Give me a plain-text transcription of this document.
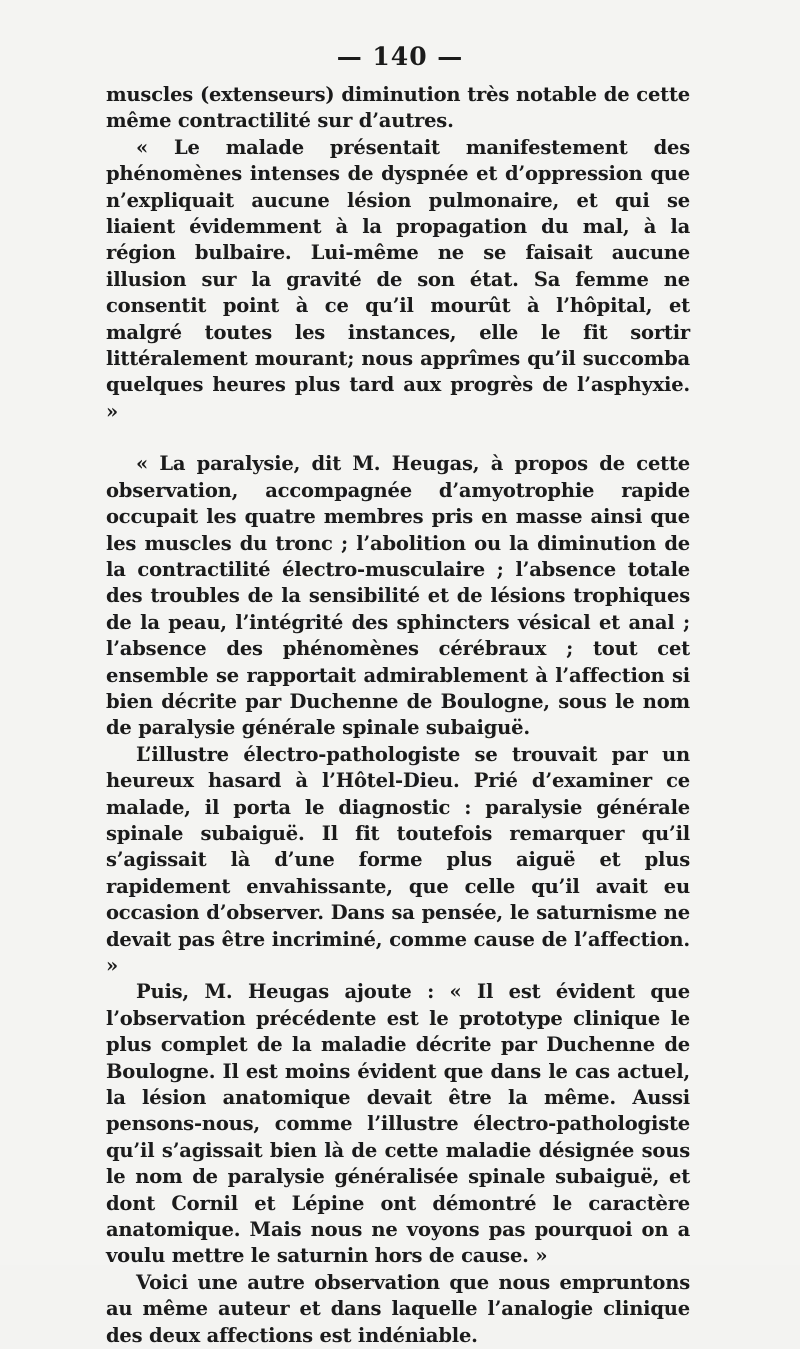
— 140 —

muscles (extenseurs) diminution très notable de cette même contractilité sur d’autres.

« Le malade présentait manifestement des phénomènes intenses de dyspnée et d’oppression que n’expliquait aucune lésion pulmonaire, et qui se liaient évidemment à la propagation du mal, à la région bulbaire. Lui-même ne se faisait aucune illusion sur la gravité de son état. Sa femme ne consentit point à ce qu’il mourût à l’hôpital, et malgré toutes les instances, elle le fit sortir littéralement mourant; nous apprîmes qu’il succomba quelques heures plus tard aux progrès de l’asphyxie. »

« La paralysie, dit M. Heugas, à propos de cette observation, accompagnée d’amyotrophie rapide occupait les quatre membres pris en masse ainsi que les muscles du tronc ; l’abolition ou la diminution de la contractilité électro-musculaire ; l’absence totale des troubles de la sensibilité et de lésions trophiques de la peau, l’intégrité des sphincters vésical et anal ; l’absence des phénomènes cérébraux ; tout cet ensemble se rapportait admirablement à l’affection si bien décrite par Duchenne de Boulogne, sous le nom de paralysie générale spinale subaiguë.

L’illustre électro-pathologiste se trouvait par un heureux hasard à l’Hôtel-Dieu. Prié d’examiner ce malade, il porta le diagnostic : paralysie générale spinale subaiguë. Il fit toutefois remarquer qu’il s’agissait là d’une forme plus aiguë et plus rapidement envahissante, que celle qu’il avait eu occasion d’observer. Dans sa pensée, le saturnisme ne devait pas être incriminé, comme cause de l’affection. »

Puis, M. Heugas ajoute : « Il est évident que l’observation précédente est le prototype clinique le plus complet de la maladie décrite par Duchenne de Boulogne. Il est moins évident que dans le cas actuel, la lésion anatomique devait être la même. Aussi pensons-nous, comme l’illustre électro-pathologiste qu’il s’agissait bien là de cette maladie désignée sous le nom de paralysie généralisée spinale subaiguë, et dont Cornil et Lépine ont démontré le caractère anatomique. Mais nous ne voyons pas pourquoi on a voulu mettre le saturnin hors de cause. »

Voici une autre observation que nous empruntons au même auteur et dans laquelle l’analogie clinique des deux affections est indéniable.
